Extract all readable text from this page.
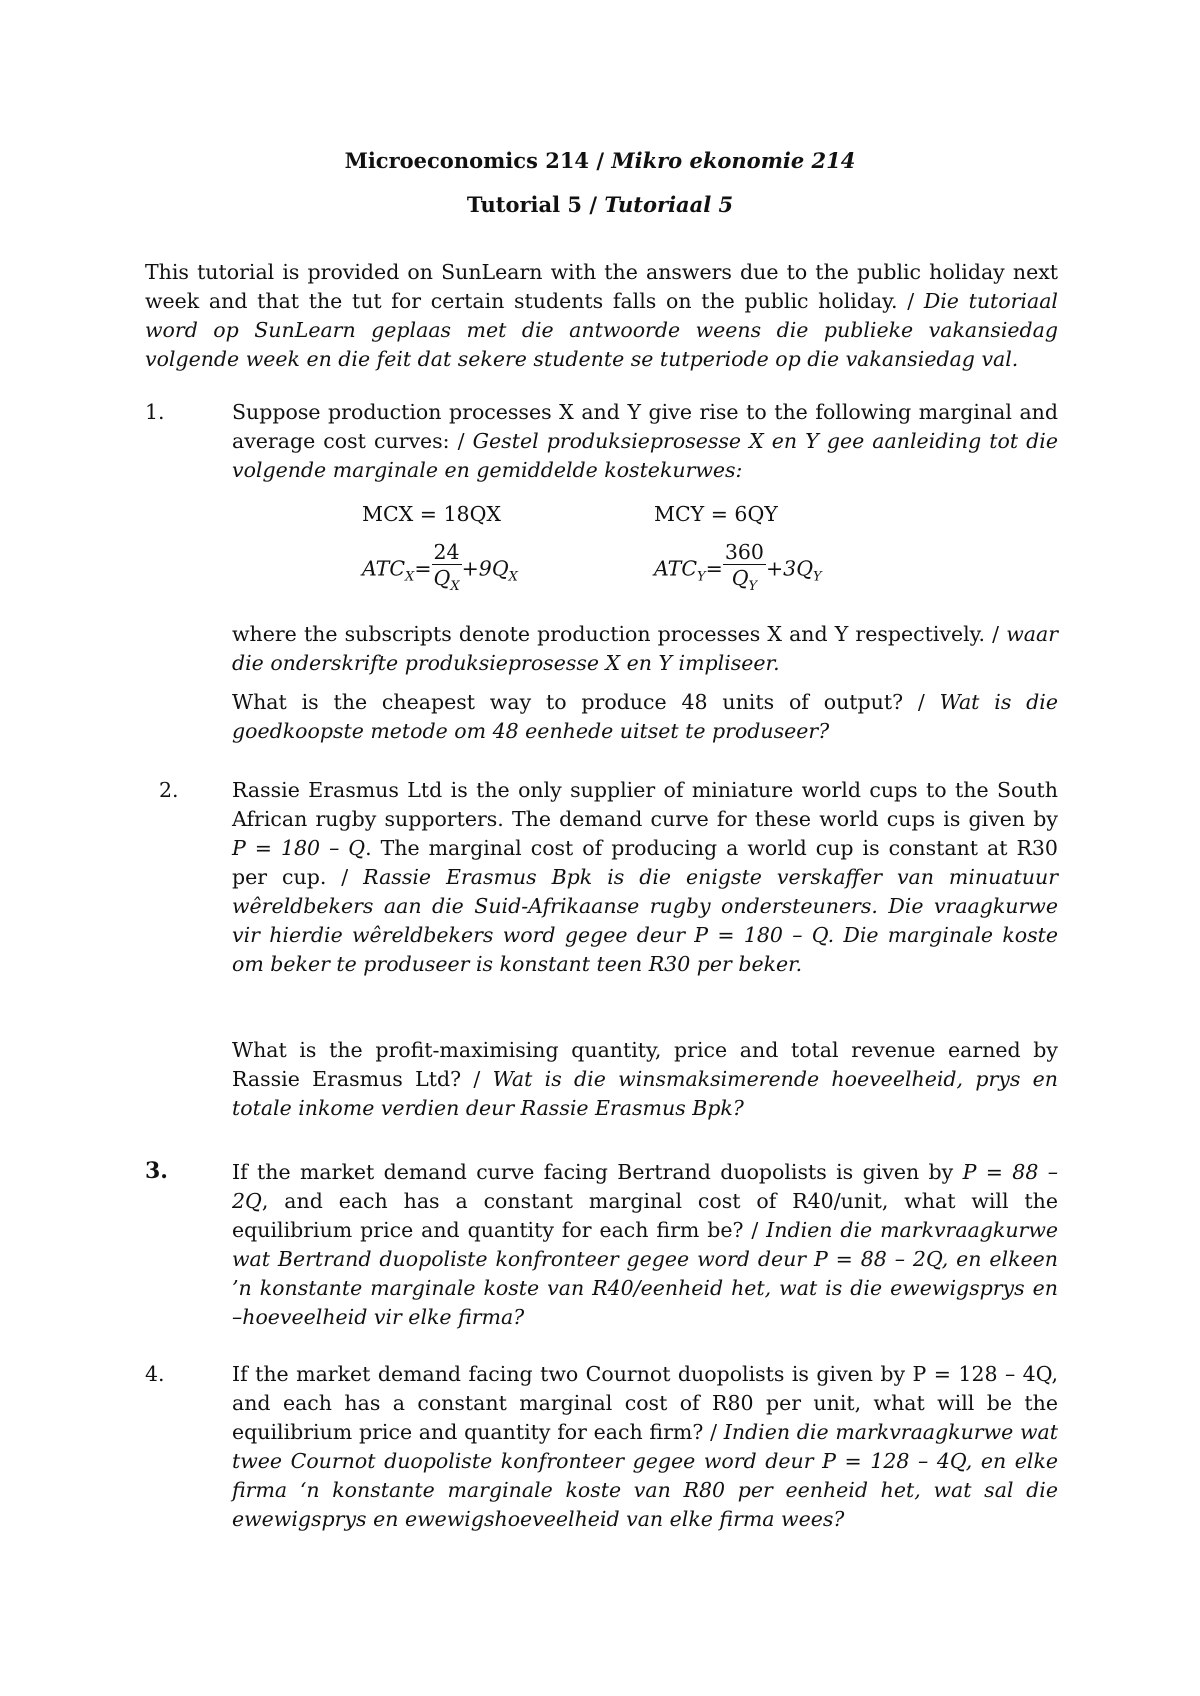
Microeconomics 214 / Mikro ekonomie 214
Tutorial 5 / Tutoriaal 5
This tutorial is provided on SunLearn with the answers due to the public holiday next week and that the tut for certain students falls on the public holiday. / Die tutoriaal word op SunLearn geplaas met die antwoorde weens die publieke vakansiedag volgende week en die feit dat sekere studente se tutperiode op die vakansiedag val.
1.	Suppose production processes X and Y give rise to the following marginal and average cost curves: / Gestel produksieprosesse X en Y gee aanleiding tot die volgende marginale en gemiddelde kostekurwes:
MCX = 18QX	MCY = 6QY
$ATC_X= \frac{24}{Q_X} +9Q_X$	$ATC_Y= \frac{360}{Q_Y} +3Q_Y$
where the subscripts denote production processes X and Y respectively. / waar die onderskrifte produksieprosesse X en Y impliseer.
What is the cheapest way to produce 48 units of output? / Wat is die goedkoopste metode om 48 eenhede uitset te produseer?
2.	Rassie Erasmus Ltd is the only supplier of miniature world cups to the South African rugby supporters. The demand curve for these world cups is given by P = 180 – Q. The marginal cost of producing a world cup is constant at R30 per cup. / Rassie Erasmus Bpk is die enigste verskaffer van minuatuur wêreldbekers aan die Suid-Afrikaanse rugby ondersteuners. Die vraagkurwe vir hierdie wêreldbekers word gegee deur P = 180 – Q. Die marginale koste om beker te produseer is konstant teen R30 per beker.
What is the profit-maximising quantity, price and total revenue earned by Rassie Erasmus Ltd? / Wat is die winsmaksimerende hoeveelheid, prys en totale inkome verdien deur Rassie Erasmus Bpk?
3.	If the market demand curve facing Bertrand duopolists is given by P = 88 – 2Q, and each has a constant marginal cost of R40/unit, what will the equilibrium price and quantity for each firm be? / Indien die markvraagkurwe wat Bertrand duopoliste konfronteer gegee word deur P = 88 – 2Q, en elkeen ’n konstante marginale koste van R40/eenheid het, wat is die ewewigsprys en –hoeveelheid vir elke firma?
4.	If the market demand facing two Cournot duopolists is given by P = 128 – 4Q, and each has a constant marginal cost of R80 per unit, what will be the equilibrium price and quantity for each firm? / Indien die markvraagkurwe wat twee Cournot duopoliste konfronteer gegee word deur P = 128 – 4Q, en elke firma ‘n konstante marginale koste van R80 per eenheid het, wat sal die ewewigsprys en ewewigshoeveelheid van elke firma wees?
